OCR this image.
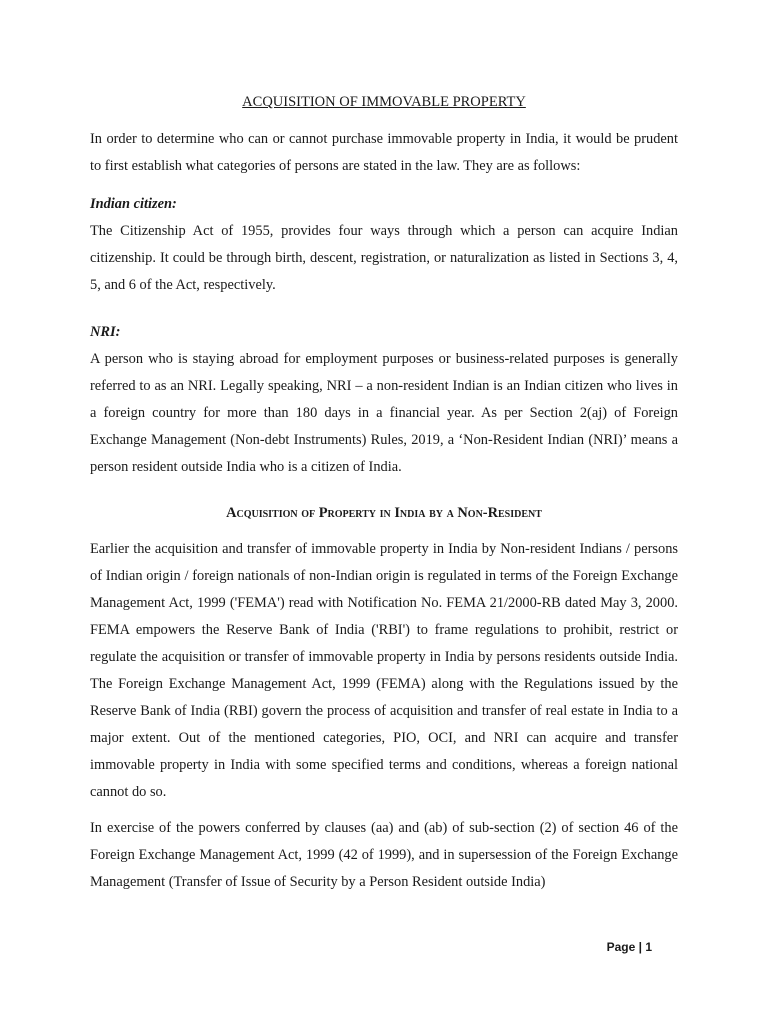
ACQUISITION OF IMMOVABLE PROPERTY

In order to determine who can or cannot purchase immovable property in India, it would be prudent to first establish what categories of persons are stated in the law. They are as follows:

Indian citizen:

The Citizenship Act of 1955, provides four ways through which a person can acquire Indian citizenship. It could be through birth, descent, registration, or naturalization as listed in Sections 3, 4, 5, and 6 of the Act, respectively.

NRI:

A person who is staying abroad for employment purposes or business-related purposes is generally referred to as an NRI. Legally speaking, NRI – a non-resident Indian is an Indian citizen who lives in a foreign country for more than 180 days in a financial year. As per Section 2(aj) of Foreign Exchange Management (Non-debt Instruments) Rules, 2019, a ‘Non-Resident Indian (NRI)’ means a person resident outside India who is a citizen of India.

Acquisition of Property in India by a Non-Resident

Earlier the acquisition and transfer of immovable property in India by Non-resident Indians / persons of Indian origin / foreign nationals of non-Indian origin is regulated in terms of the Foreign Exchange Management Act, 1999 ('FEMA') read with Notification No. FEMA 21/2000-RB dated May 3, 2000. FEMA empowers the Reserve Bank of India ('RBI') to frame regulations to prohibit, restrict or regulate the acquisition or transfer of immovable property in India by persons residents outside India. The Foreign Exchange Management Act, 1999 (FEMA) along with the Regulations issued by the Reserve Bank of India (RBI) govern the process of acquisition and transfer of real estate in India to a major extent. Out of the mentioned categories, PIO, OCI, and NRI can acquire and transfer immovable property in India with some specified terms and conditions, whereas a foreign national cannot do so.

In exercise of the powers conferred by clauses (aa) and (ab) of sub-section (2) of section 46 of the Foreign Exchange Management Act, 1999 (42 of 1999), and in supersession of the Foreign Exchange Management (Transfer of Issue of Security by a Person Resident outside India)

Page | 1
